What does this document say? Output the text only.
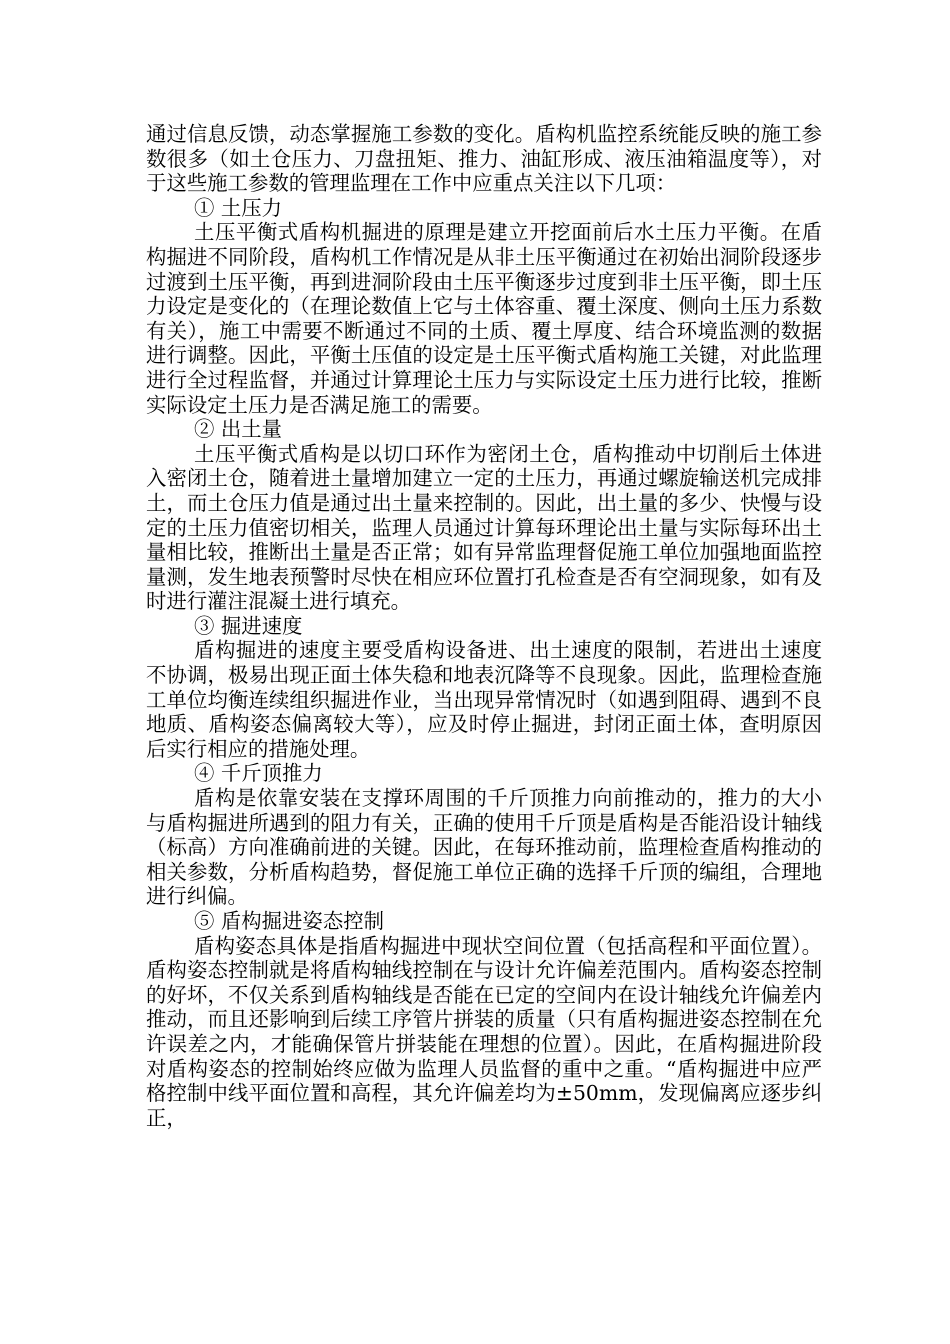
通过信息反馈，动态掌握施工参数的变化。盾构机监控系统能反映的施工参数很多（如土仓压力、刀盘扭矩、推力、油缸形成、液压油箱温度等），对于这些施工参数的管理监理在工作中应重点关注以下几项：

① 土压力

土压平衡式盾构机掘进的原理是建立开挖面前后水土压力平衡。在盾构掘进不同阶段，盾构机工作情况是从非土压平衡通过在初始出洞阶段逐步过渡到土压平衡，再到进洞阶段由土压平衡逐步过度到非土压平衡，即土压力设定是变化的（在理论数值上它与土体容重、覆土深度、侧向土压力系数有关），施工中需要不断通过不同的土质、覆土厚度、结合环境监测的数据进行调整。因此，平衡土压值的设定是土压平衡式盾构施工关键，对此监理进行全过程监督，并通过计算理论土压力与实际设定土压力进行比较，推断实际设定土压力是否满足施工的需要。

② 出土量

土压平衡式盾构是以切口环作为密闭土仓，盾构推动中切削后土体进入密闭土仓，随着进土量增加建立一定的土压力，再通过螺旋输送机完成排土，而土仓压力值是通过出土量来控制的。因此，出土量的多少、快慢与设定的土压力值密切相关，监理人员通过计算每环理论出土量与实际每环出土量相比较，推断出土量是否正常；如有异常监理督促施工单位加强地面监控量测，发生地表预警时尽快在相应环位置打孔检查是否有空洞现象，如有及时进行灌注混凝土进行填充。

③ 掘进速度

盾构掘进的速度主要受盾构设备进、出土速度的限制，若进出土速度不协调，极易出现正面土体失稳和地表沉降等不良现象。因此，监理检查施工单位均衡连续组织掘进作业，当出现异常情况时（如遇到阻碍、遇到不良地质、盾构姿态偏离较大等），应及时停止掘进，封闭正面土体，查明原因后实行相应的措施处理。

④ 千斤顶推力

盾构是依靠安装在支撑环周围的千斤顶推力向前推动的，推力的大小与盾构掘进所遇到的阻力有关，正确的使用千斤顶是盾构是否能沿设计轴线（标高）方向准确前进的关键。因此，在每环推动前，监理检查盾构推动的相关参数，分析盾构趋势，督促施工单位正确的选择千斤顶的编组，合理地进行纠偏。

⑤ 盾构掘进姿态控制

盾构姿态具体是指盾构掘进中现状空间位置（包括高程和平面位置）。盾构姿态控制就是将盾构轴线控制在与设计允许偏差范围内。盾构姿态控制的好坏，不仅关系到盾构轴线是否能在已定的空间内在设计轴线允许偏差内推动，而且还影响到后续工序管片拼装的质量（只有盾构掘进姿态控制在允许误差之内，才能确保管片拼装能在理想的位置）。因此，在盾构掘进阶段对盾构姿态的控制始终应做为监理人员监督的重中之重。“盾构掘进中应严格控制中线平面位置和高程，其允许偏差均为±50mm，发现偏离应逐步纠正，
